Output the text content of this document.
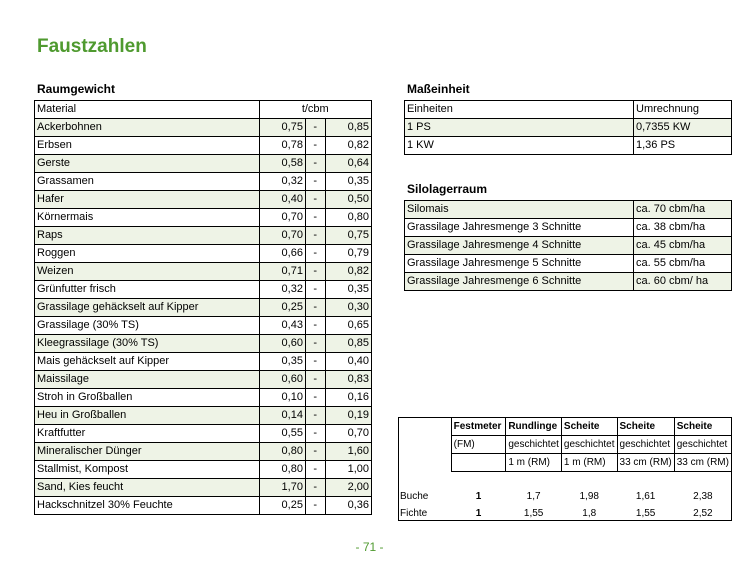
Faustzahlen
Raumgewicht
Material	t/cbm		
Ackerbohnen	0,75	-	0,85
Erbsen	0,78	-	0,82
Gerste	0,58	-	0,64
Grassamen	0,32	-	0,35
Hafer	0,40	-	0,50
Körnermais	0,70	-	0,80
Raps	0,70	-	0,75
Roggen	0,66	-	0,79
Weizen	0,71	-	0,82
Grünfutter frisch	0,32	-	0,35
Grassilage gehäckselt auf Kipper	0,25	-	0,30
Grassilage (30% TS)	0,43	-	0,65
Kleegrassilage (30% TS)	0,60	-	0,85
Mais gehäckselt auf Kipper	0,35	-	0,40
Maissilage	0,60	-	0,83
Stroh in Großballen	0,10	-	0,16
Heu in Großballen	0,14	-	0,19
Kraftfutter	0,55	-	0,70
Mineralischer Dünger	0,80	-	1,60
Stallmist, Kompost	0,80	-	1,00
Sand, Kies feucht	1,70	-	2,00
Hackschnitzel 30% Feuchte	0,25	-	0,36
Maßeinheit
Einheiten	Umrechnung
1 PS	0,7355 KW
1 KW	1,36 PS
Silolagerraum
Silomais	ca. 70 cbm/ha
Grassilage Jahresmenge 3 Schnitte	ca. 38 cbm/ha
Grassilage Jahresmenge 4 Schnitte	ca. 45 cbm/ha
Grassilage Jahresmenge 5 Schnitte	ca. 55 cbm/ha
Grassilage Jahresmenge 6 Schnitte	ca. 60 cbm/ ha
	Festmeter	Rundlinge	Scheite	Scheite	Scheite
	(FM)	geschichtet	geschichtet	geschichtet	geschichtet
		1 m (RM)	1 m (RM)	33 cm (RM)	33 cm (RM)

Buche	1	1,7	1,98	1,61	2,38
Fichte	1	1,55	1,8	1,55	2,52
- 71 -
